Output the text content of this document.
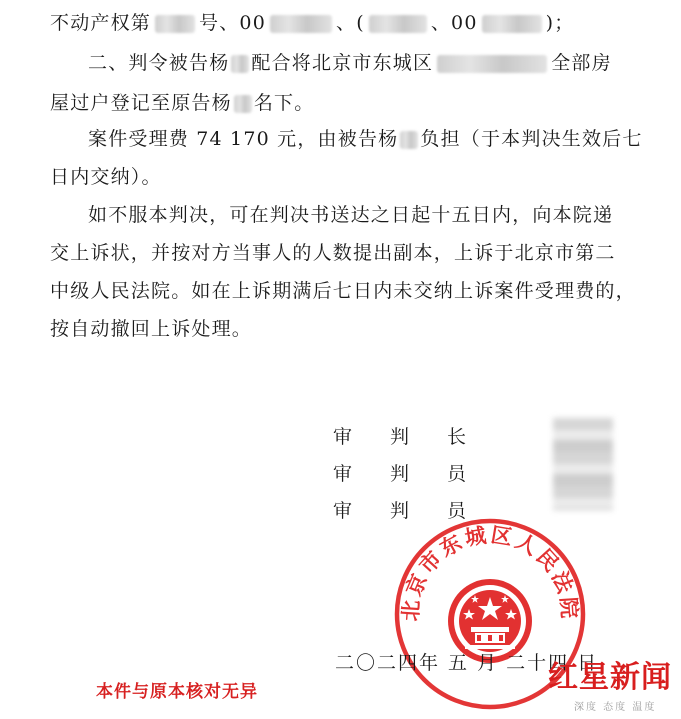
不动产权第	号、00	、(	、00	)；
二、判令被告杨 配合将北京市东城区	全部房
屋过户登记至原告杨 名下。
案件受理费 74 170 元，由被告杨 负担（于本判决生效后七
日内交纳）。
如不服本判决，可在判决书送达之日起十五日内，向本院递
交上诉状，并按对方当事人的人数提出副本，上诉于北京市第二
中级人民法院。如在上诉期满后七日内未交纳上诉案件受理费的，
按自动撤回上诉处理。
审判长
审判员
审判员
北京市东城区人民法院
二〇二四年 五 月 二十四 日
本件与原本核对无异	红星新闻
深度 态度 温度
